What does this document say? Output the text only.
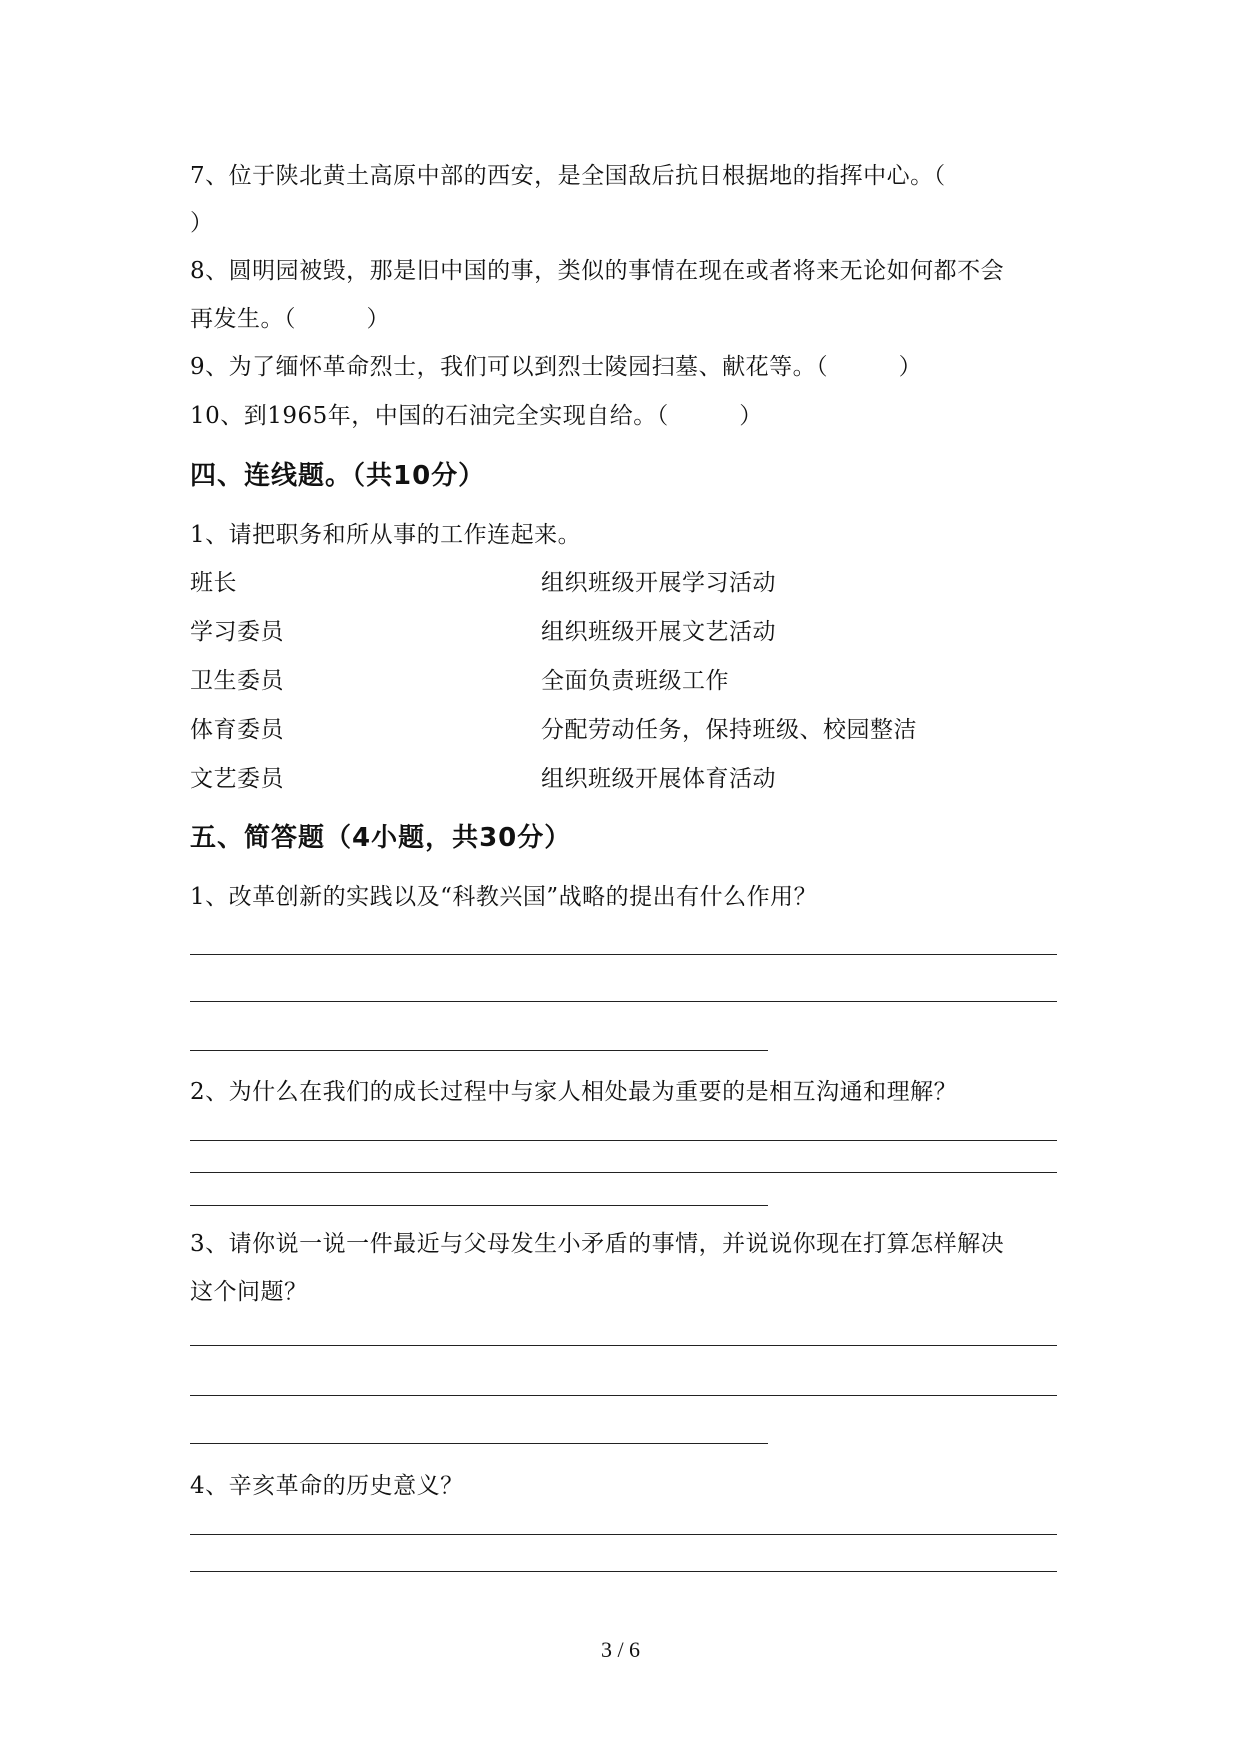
7、位于陕北黄土高原中部的西安，是全国敌后抗日根据地的指挥中心。（
）
8、圆明园被毁，那是旧中国的事，类似的事情在现在或者将来无论如何都不会
再发生。（　　　）
9、为了缅怀革命烈士，我们可以到烈士陵园扫墓、献花等。（　　　）
10、到1965年，中国的石油完全实现自给。（　　　）
四、连线题。（共10分）
1、请把职务和所从事的工作连起来。
班长	组织班级开展学习活动
学习委员	组织班级开展文艺活动
卫生委员	全面负责班级工作
体育委员	分配劳动任务，保持班级、校园整洁
文艺委员	组织班级开展体育活动
五、简答题（4小题，共30分）
1、改革创新的实践以及“科教兴国”战略的提出有什么作用？
2、为什么在我们的成长过程中与家人相处最为重要的是相互沟通和理解？
3、请你说一说一件最近与父母发生小矛盾的事情，并说说你现在打算怎样解决
这个问题？
4、辛亥革命的历史意义？
3 / 6
